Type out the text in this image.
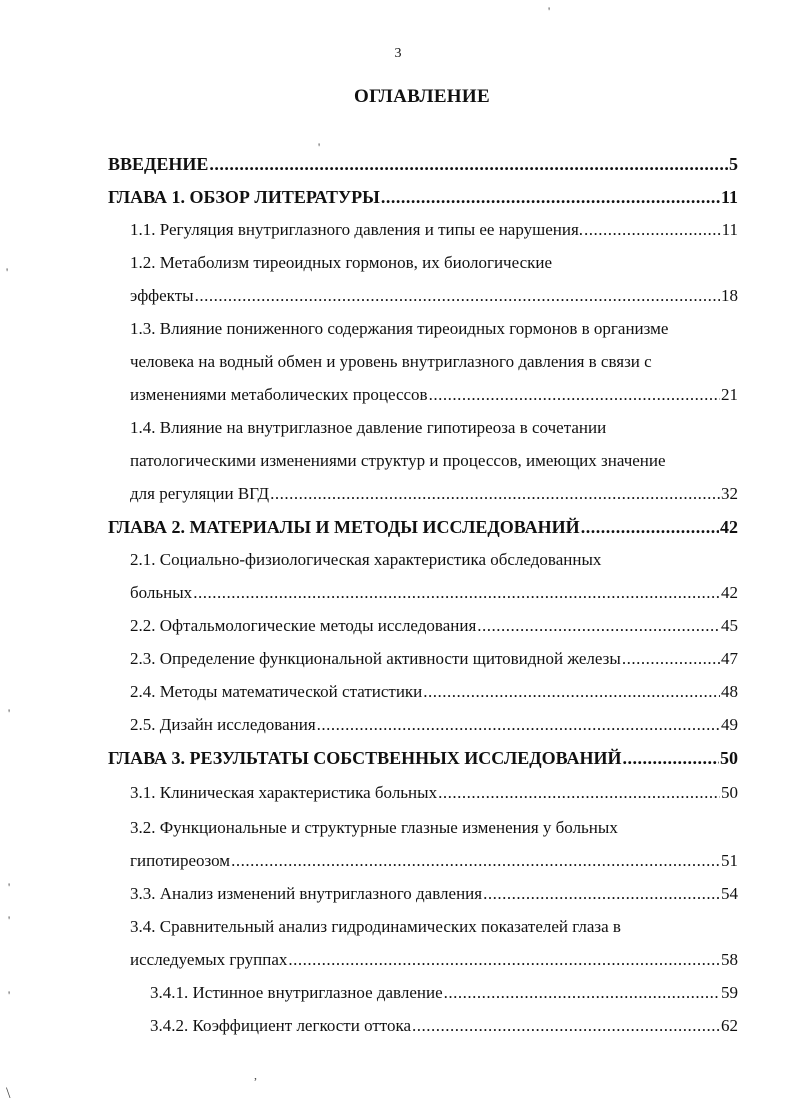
3
ОГЛАВЛЕНИЕ
ВВЕДЕНИЕ .....	5
ГЛАВА 1. ОБЗОР ЛИТЕРАТУРЫ .....	11
1.1. Регуляция внутриглазного давления и типы ее нарушения. .....	11
1.2. Метаболизм тиреоидных гормонов, их биологические
эффекты .....	18
1.3. Влияние пониженного содержания тиреоидных гормонов в организме
человека на водный обмен и уровень внутриглазного давления в связи с
изменениями метаболических процессов .....	21
1.4. Влияние на внутриглазное давление гипотиреоза в сочетании
патологическими изменениями структур и процессов, имеющих значение
для регуляции ВГД .....	32
ГЛАВА 2. МАТЕРИАЛЫ И МЕТОДЫ ИССЛЕДОВАНИЙ .....	42
2.1. Социально-физиологическая характеристика обследованных
больных .....	42
2.2. Офтальмологические методы исследования .....	45
2.3. Определение функциональной активности щитовидной железы .....	47
2.4. Методы математической статистики .....	48
2.5. Дизайн исследования .....	49
ГЛАВА 3. РЕЗУЛЬТАТЫ СОБСТВЕННЫХ ИССЛЕДОВАНИЙ .....	50
3.1. Клиническая характеристика больных .....	50
3.2. Функциональные и структурные глазные изменения у больных
гипотиреозом .....	51
3.3. Анализ изменений внутриглазного давления .....	54
3.4. Сравнительный анализ гидродинамических показателей глаза в
исследуемых группах .....	58
3.4.1. Истинное внутриглазное давление .....	59
3.4.2. Коэффициент легкости оттока .....	62
'
'
'
'
'
'
'
,
\
